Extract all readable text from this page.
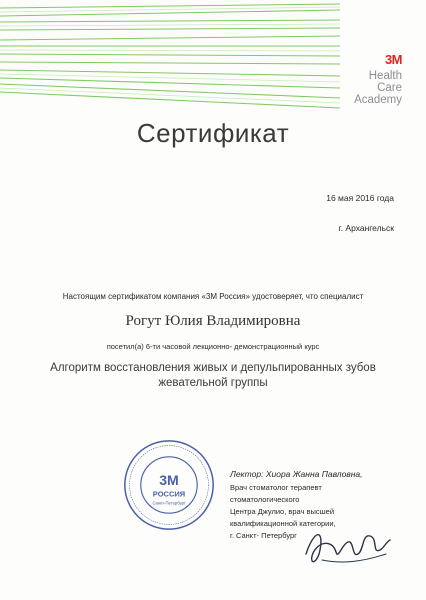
3M
Health
Care
Academy
Сертификат
16 мая 2016 года
г. Архангельск
Настоящим сертификатом компания «3М Россия» удостоверяет, что специалист
Рогут Юлия Владимировна
посетил(а) 6-ти часовой лекционно- демонстрационный курс
Алгоритм восстановления живых и депульпированных зубов
жевательной группы
3М
РОССИЯ
Санкт-Петербург
Лектор: Хиора Жанна Павловна,
Врач стоматолог терапевт
стоматологического
Центра Джулио, врач высшей
квалификационной категории,
г. Санкт- Петербург
